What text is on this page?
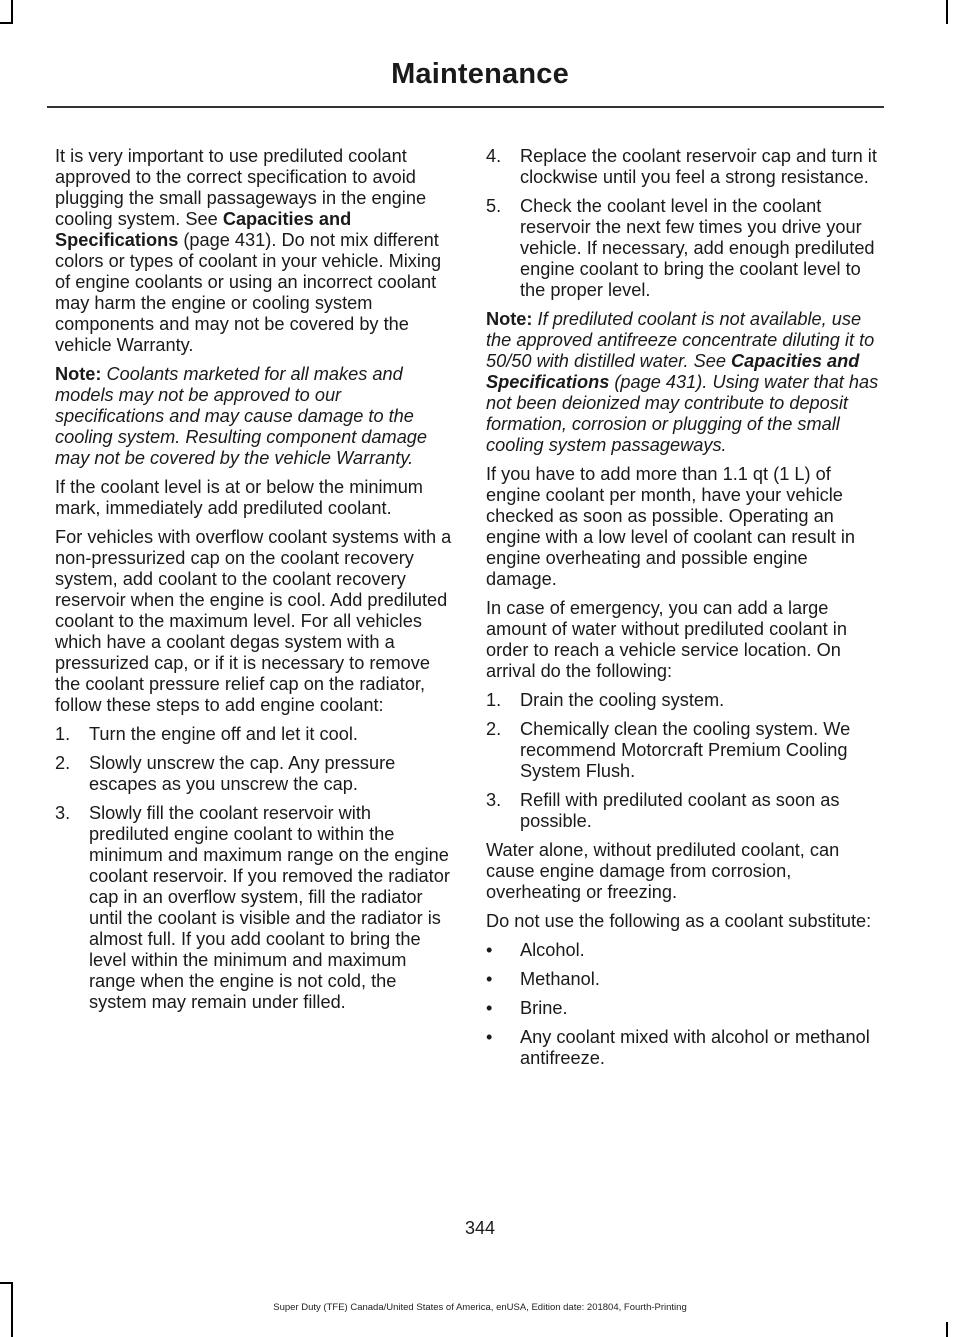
Maintenance

It is very important to use prediluted coolant approved to the correct specification to avoid plugging the small passageways in the engine cooling system. See Capacities and Specifications (page 431). Do not mix different colors or types of coolant in your vehicle. Mixing of engine coolants or using an incorrect coolant may harm the engine or cooling system components and may not be covered by the vehicle Warranty.

Note: Coolants marketed for all makes and models may not be approved to our specifications and may cause damage to the cooling system. Resulting component damage may not be covered by the vehicle Warranty.

If the coolant level is at or below the minimum mark, immediately add prediluted coolant.

For vehicles with overflow coolant systems with a non-pressurized cap on the coolant recovery system, add coolant to the coolant recovery reservoir when the engine is cool. Add prediluted coolant to the maximum level. For all vehicles which have a coolant degas system with a pressurized cap, or if it is necessary to remove the coolant pressure relief cap on the radiator, follow these steps to add engine coolant:

1. Turn the engine off and let it cool.
2. Slowly unscrew the cap. Any pressure escapes as you unscrew the cap.
3. Slowly fill the coolant reservoir with prediluted engine coolant to within the minimum and maximum range on the engine coolant reservoir. If you removed the radiator cap in an overflow system, fill the radiator until the coolant is visible and the radiator is almost full. If you add coolant to bring the level within the minimum and maximum range when the engine is not cold, the system may remain under filled.
4. Replace the coolant reservoir cap and turn it clockwise until you feel a strong resistance.
5. Check the coolant level in the coolant reservoir the next few times you drive your vehicle. If necessary, add enough prediluted engine coolant to bring the coolant level to the proper level.

Note: If prediluted coolant is not available, use the approved antifreeze concentrate diluting it to 50/50 with distilled water. See Capacities and Specifications (page 431). Using water that has not been deionized may contribute to deposit formation, corrosion or plugging of the small cooling system passageways.

If you have to add more than 1.1 qt (1 L) of engine coolant per month, have your vehicle checked as soon as possible. Operating an engine with a low level of coolant can result in engine overheating and possible engine damage.

In case of emergency, you can add a large amount of water without prediluted coolant in order to reach a vehicle service location. On arrival do the following:

1. Drain the cooling system.
2. Chemically clean the cooling system. We recommend Motorcraft Premium Cooling System Flush.
3. Refill with prediluted coolant as soon as possible.

Water alone, without prediluted coolant, can cause engine damage from corrosion, overheating or freezing.

Do not use the following as a coolant substitute:

• Alcohol.
• Methanol.
• Brine.
• Any coolant mixed with alcohol or methanol antifreeze.
344
Super Duty (TFE) Canada/United States of America, enUSA, Edition date: 201804, Fourth-Printing
